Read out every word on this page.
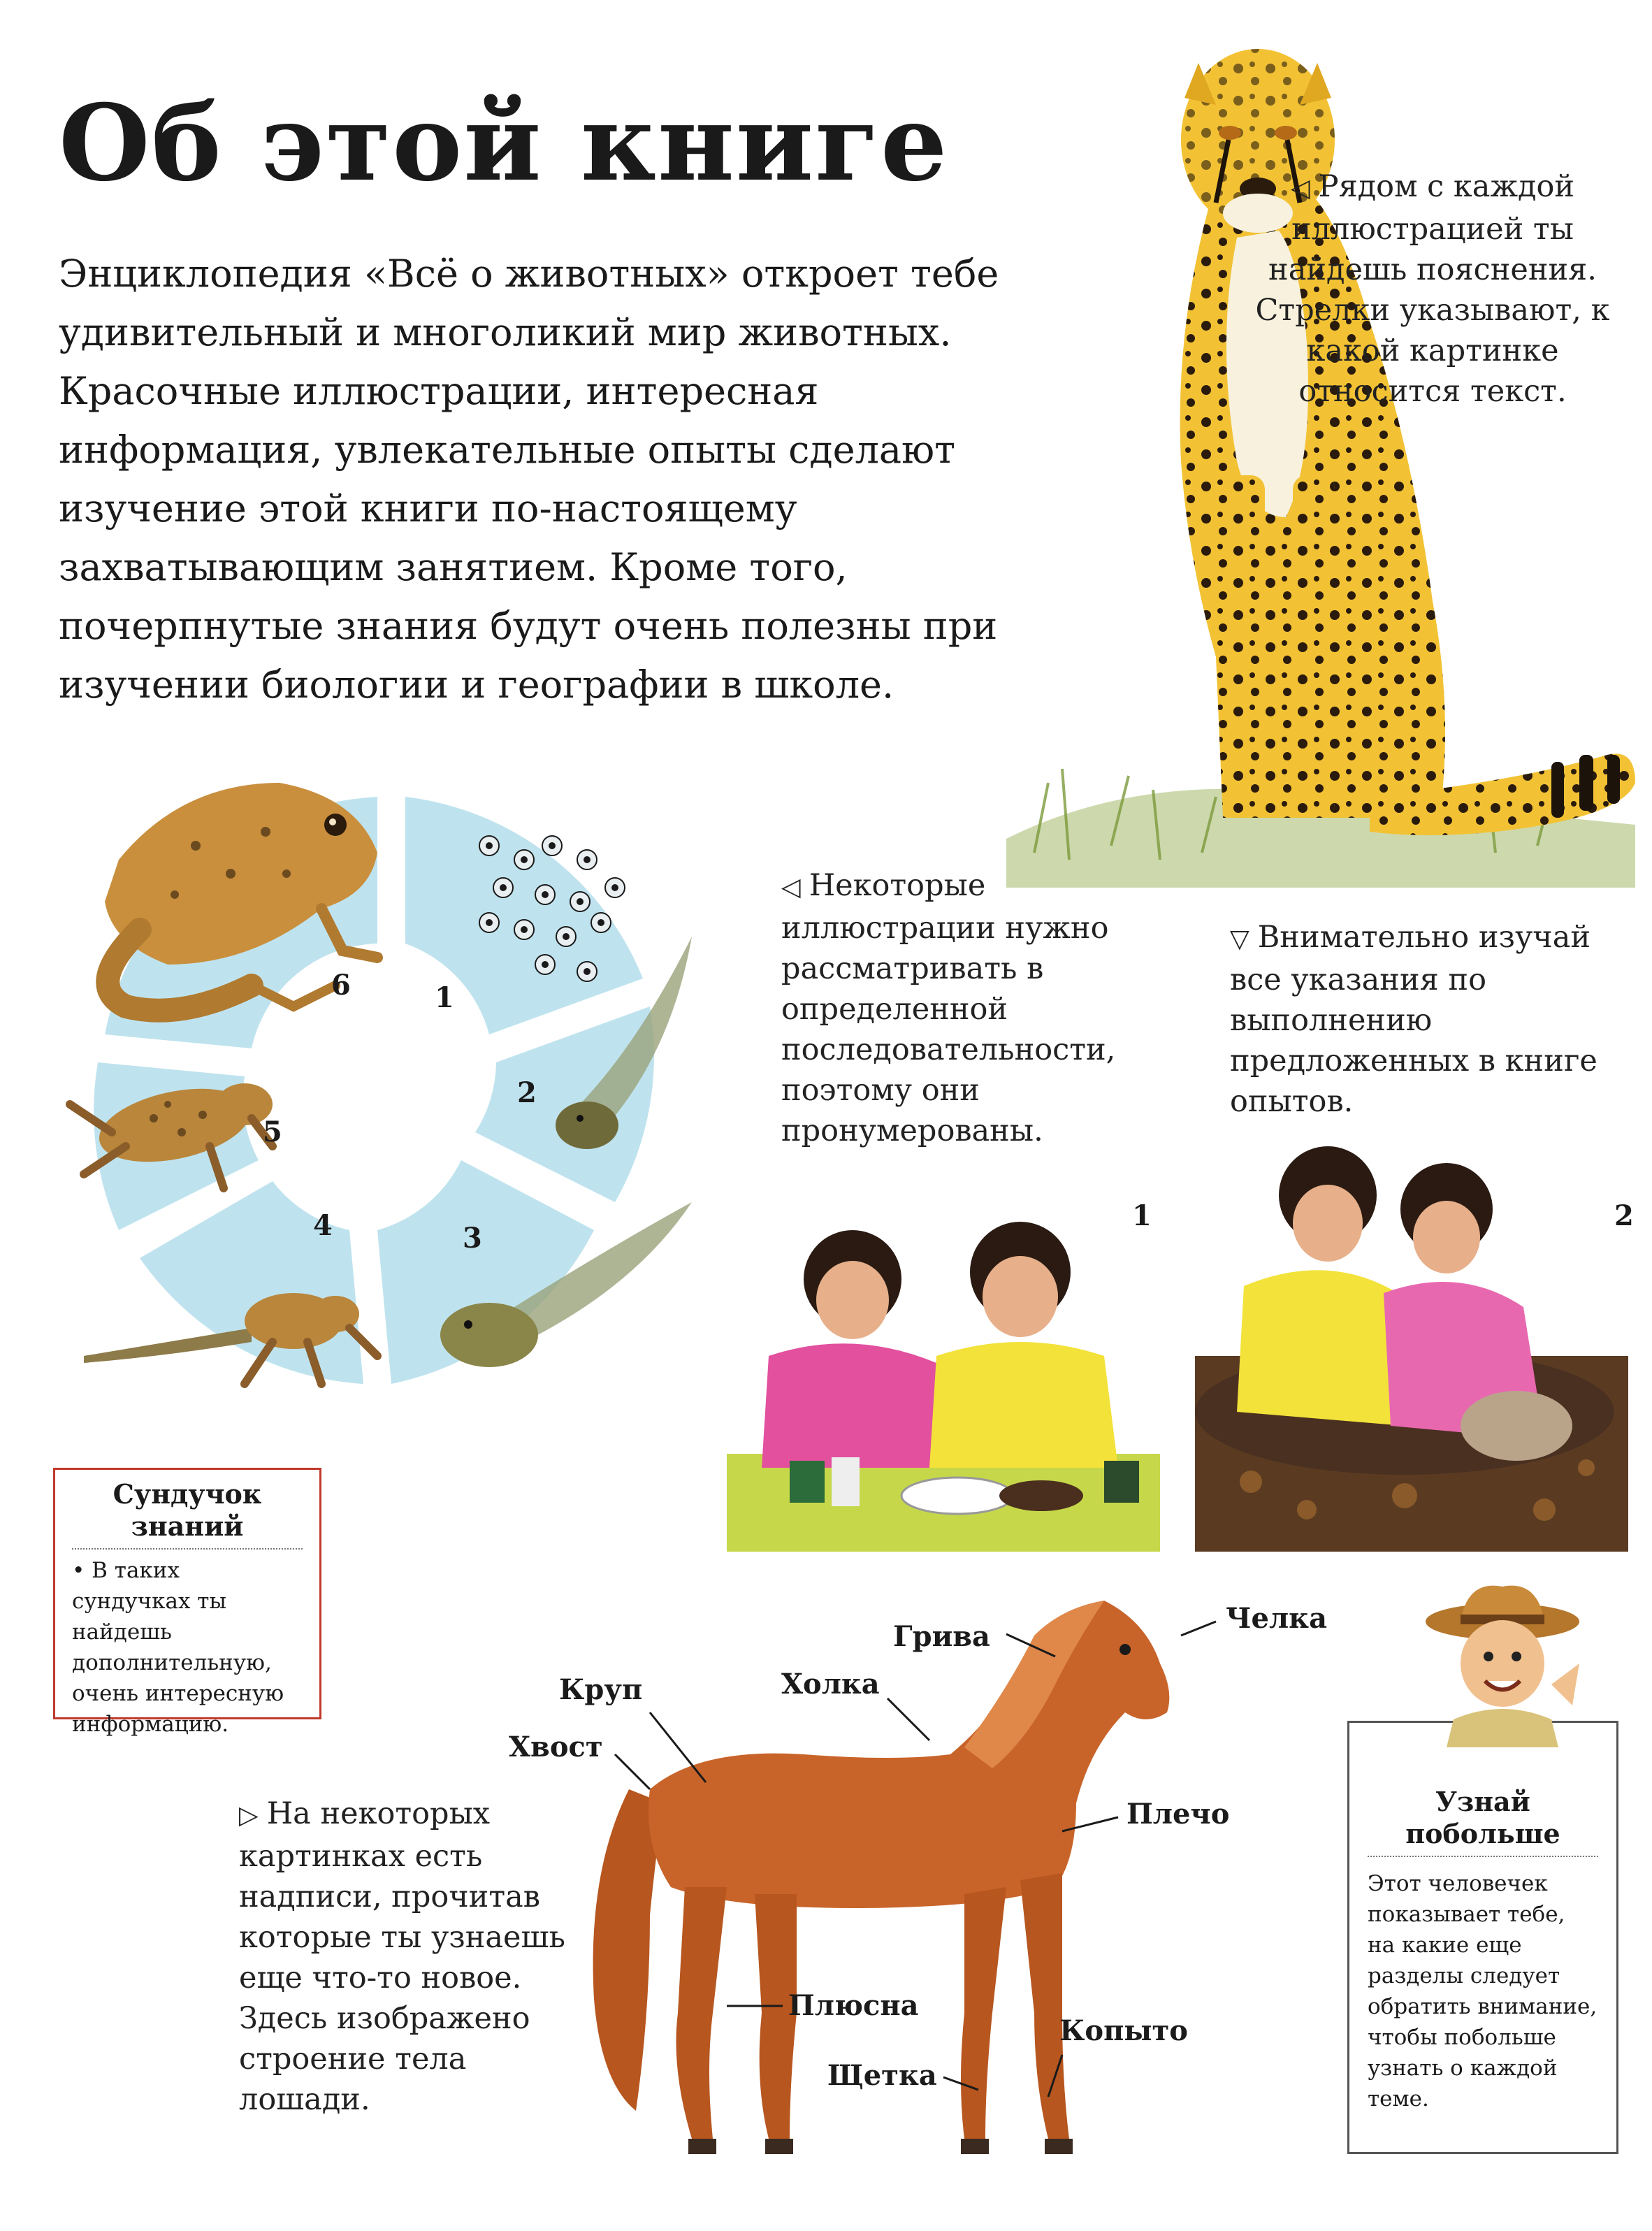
Об этой книге
Энциклопедия «Всё о животных» откроет тебе удивительный и многоликий мир животных. Красочные иллюстрации, интересная информация, увлекательные опыты сделают изучение этой книги по-настоящему захватывающим занятием. Кроме того, почерпнутые знания будут очень полезны при изучении биологии и географии в школе.
◁ Рядом с каждой иллюстрацией ты найдешь пояснения. Стрелки указывают, к какой картинке относится текст.
1
2
3
4
5
6
◁ Некоторые иллюстрации нужно рассматривать в определенной последовательности, поэтому они пронумерованы.
▽ Внимательно изучай все указания по выполнению предложенных в книге опытов.
1	2
Сундучок знаний
• В таких сундучках ты найдешь дополнительную, очень интересную информацию.
Грива
Челка
Холка
Круп
Хвост
Плечо
Плюсна
Копыто
Щетка
▷ На некоторых картинках есть надписи, прочитав которые ты узнаешь еще что-то новое. Здесь изображено строение тела лошади.
Узнай побольше
Этот человечек показывает тебе, на какие еще разделы следует обратить внимание, чтобы побольше узнать о каждой теме.
